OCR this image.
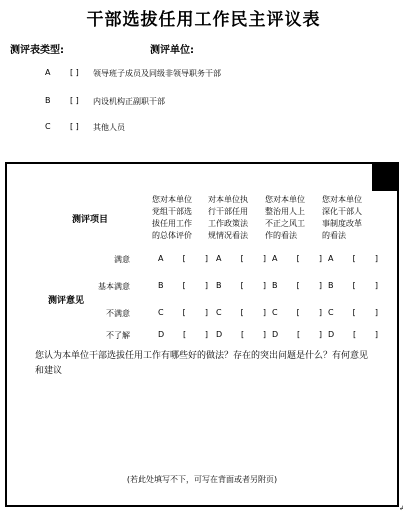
干部选拔任用工作民主评议表
测评表类型:	测评单位:
A [ ] 领导班子成员及同级非领导职务干部
B [ ] 内设机构正副职干部
C [ ] 其他人员
测评项目
测评意见
您对本单位
党组干部选
拔任用工作
的总体评价
对本单位执
行干部任用
工作政策法
规情况看法
您对本单位
整治用人上
不正之风工
作的看法
您对本单位
深化干部人
事制度改革
的看法
满意
基本满意
不满意
不了解
A [ ] A [ ] A [ ] A [ ]
B [ ] B [ ] B [ ] B [ ]
C [ ] C [ ] C [ ] C [ ]
D [ ] D [ ] D [ ] D [ ]
您认为本单位干部选拔任用工作有哪些好的做法？存在的突出问题是什么？有何意见和建议
(若此处填写不下，可写在背面或者另附页)
↲
